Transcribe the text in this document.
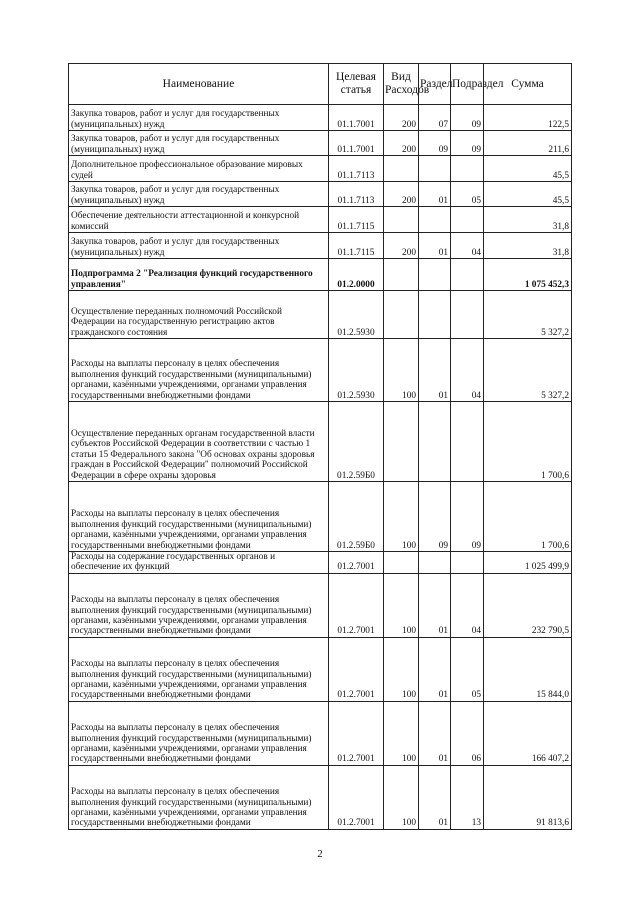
Наименование	Целевая статья	Вид Расходов	Раздел	Подраздел	Сумма
Закупка товаров, работ и услуг для государственных (муниципальных) нужд	01.1.7001	200	07	09	122,5
Закупка товаров, работ и услуг для государственных (муниципальных) нужд	01.1.7001	200	09	09	211,6
Дополнительное профессиональное образование мировых судей	01.1.7113				45,5
Закупка товаров, работ и услуг для государственных (муниципальных) нужд	01.1.7113	200	01	05	45,5
Обеспечение деятельности аттестационной и конкурсной комиссий	01.1.7115				31,8
Закупка товаров, работ и услуг для государственных (муниципальных) нужд	01.1.7115	200	01	04	31,8
Подпрограмма 2 "Реализация функций государственного управления"	01.2.0000				1 075 452,3
Осуществление переданных полномочий Российской Федерации на государственную регистрацию актов гражданского состояния	01.2.5930				5 327,2
Расходы на выплаты персоналу в целях обеспечения выполнения функций государственными (муниципальными) органами, казёнными учреждениями, органами управления государственными внебюджетными фондами	01.2.5930	100	01	04	5 327,2
Осуществление переданных органам государственной власти субъектов Российской Федерации в соответствии с частью 1 статьи 15 Федерального закона "Об основах охраны здоровья граждан в Российской Федерации" полномочий Российской Федерации в сфере охраны здоровья	01.2.59Б0				1 700,6
Расходы на выплаты персоналу в целях обеспечения выполнения функций государственными (муниципальными) органами, казёнными учреждениями, органами управления государственными внебюджетными фондами	01.2.59Б0	100	09	09	1 700,6
Расходы на содержание государственных органов и обеспечение их функций	01.2.7001				1 025 499,9
Расходы на выплаты персоналу в целях обеспечения выполнения функций государственными (муниципальными) органами, казёнными учреждениями, органами управления государственными внебюджетными фондами	01.2.7001	100	01	04	232 790,5
Расходы на выплаты персоналу в целях обеспечения выполнения функций государственными (муниципальными) органами, казёнными учреждениями, органами управления государственными внебюджетными фондами	01.2.7001	100	01	05	15 844,0
Расходы на выплаты персоналу в целях обеспечения выполнения функций государственными (муниципальными) органами, казёнными учреждениями, органами управления государственными внебюджетными фондами	01.2.7001	100	01	06	166 407,2
Расходы на выплаты персоналу в целях обеспечения выполнения функций государственными (муниципальными) органами, казёнными учреждениями, органами управления государственными внебюджетными фондами	01.2.7001	100	01	13	91 813,6
2
